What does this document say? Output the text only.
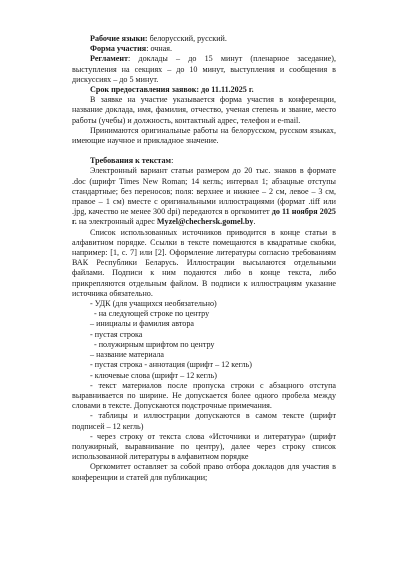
Рабочие языки: белорусский, русский.

Форма участия: очная.

Регламент: доклады – до 15 минут (пленарное заседание), выступления на секциях – до 10 минут, выступления и сообщения в дискуссиях – до 5 минут.

Срок предоставления заявок: до 11.11.2025 г.

В заявке на участие указывается форма участия в конференции, название доклада, имя, фамилия, отчество, ученая степень и звание, место работы (учебы) и должность, контактный адрес, телефон и e-mail.

Принимаются оригинальные работы на белорусском, русском языках, имеющие научное и прикладное значение.

Требования к текстам:

Электронный вариант статьи размером до 20 тыс. знаков в формате .doc (шрифт Times New Roman; 14 кегль; интервал 1; абзацные отступы стандартные; без переносов; поля: верхнее и нижнее – 2 см, левое – 3 см, правое – 1 см) вместе с оригинальными иллюстрациями (формат .tiff или .jpg, качество не менее 300 dpi) передаются в оргкомитет до 11 ноября 2025 г. на электронный адрес Myzel@chechersk.gomel.by.

Список использованных источников приводится в конце статьи в алфавитном порядке. Ссылки в тексте помещаются в квадратные скобки, например: [1, с. 7] или [2]. Оформление литературы согласно требованиям ВАК Республики Беларусь. Иллюстрации высылаются отдельными файлами. Подписи к ним подаются либо в конце текста, либо прикрепляются отдельным файлом. В подписи к иллюстрациям указание источника обязательно.

- УДК (для учащихся необязательно)

- на следующей строке по центру

– инициалы и фамилия автора

- пустая строка

- полужирным шрифтом по центру

– название материала

- пустая строка - аннотация (шрифт – 12 кегль)

- ключевые слова (шрифт – 12 кегль)

- текст материалов после пропуска строки с абзацного отступа выравнивается по ширине. Не допускается более одного пробела между словами в тексте. Допускаются подстрочные примечания.

- таблицы и иллюстрации допускаются в самом тексте (шрифт подписей – 12 кегль)

- через строку от текста слова «Источники и литература» (шрифт полужирный, выравнивание по центру), далее через строку список использованной литературы в алфавитном порядке

Оргкомитет оставляет за собой право отбора докладов для участия в конференции и статей для публикации;
